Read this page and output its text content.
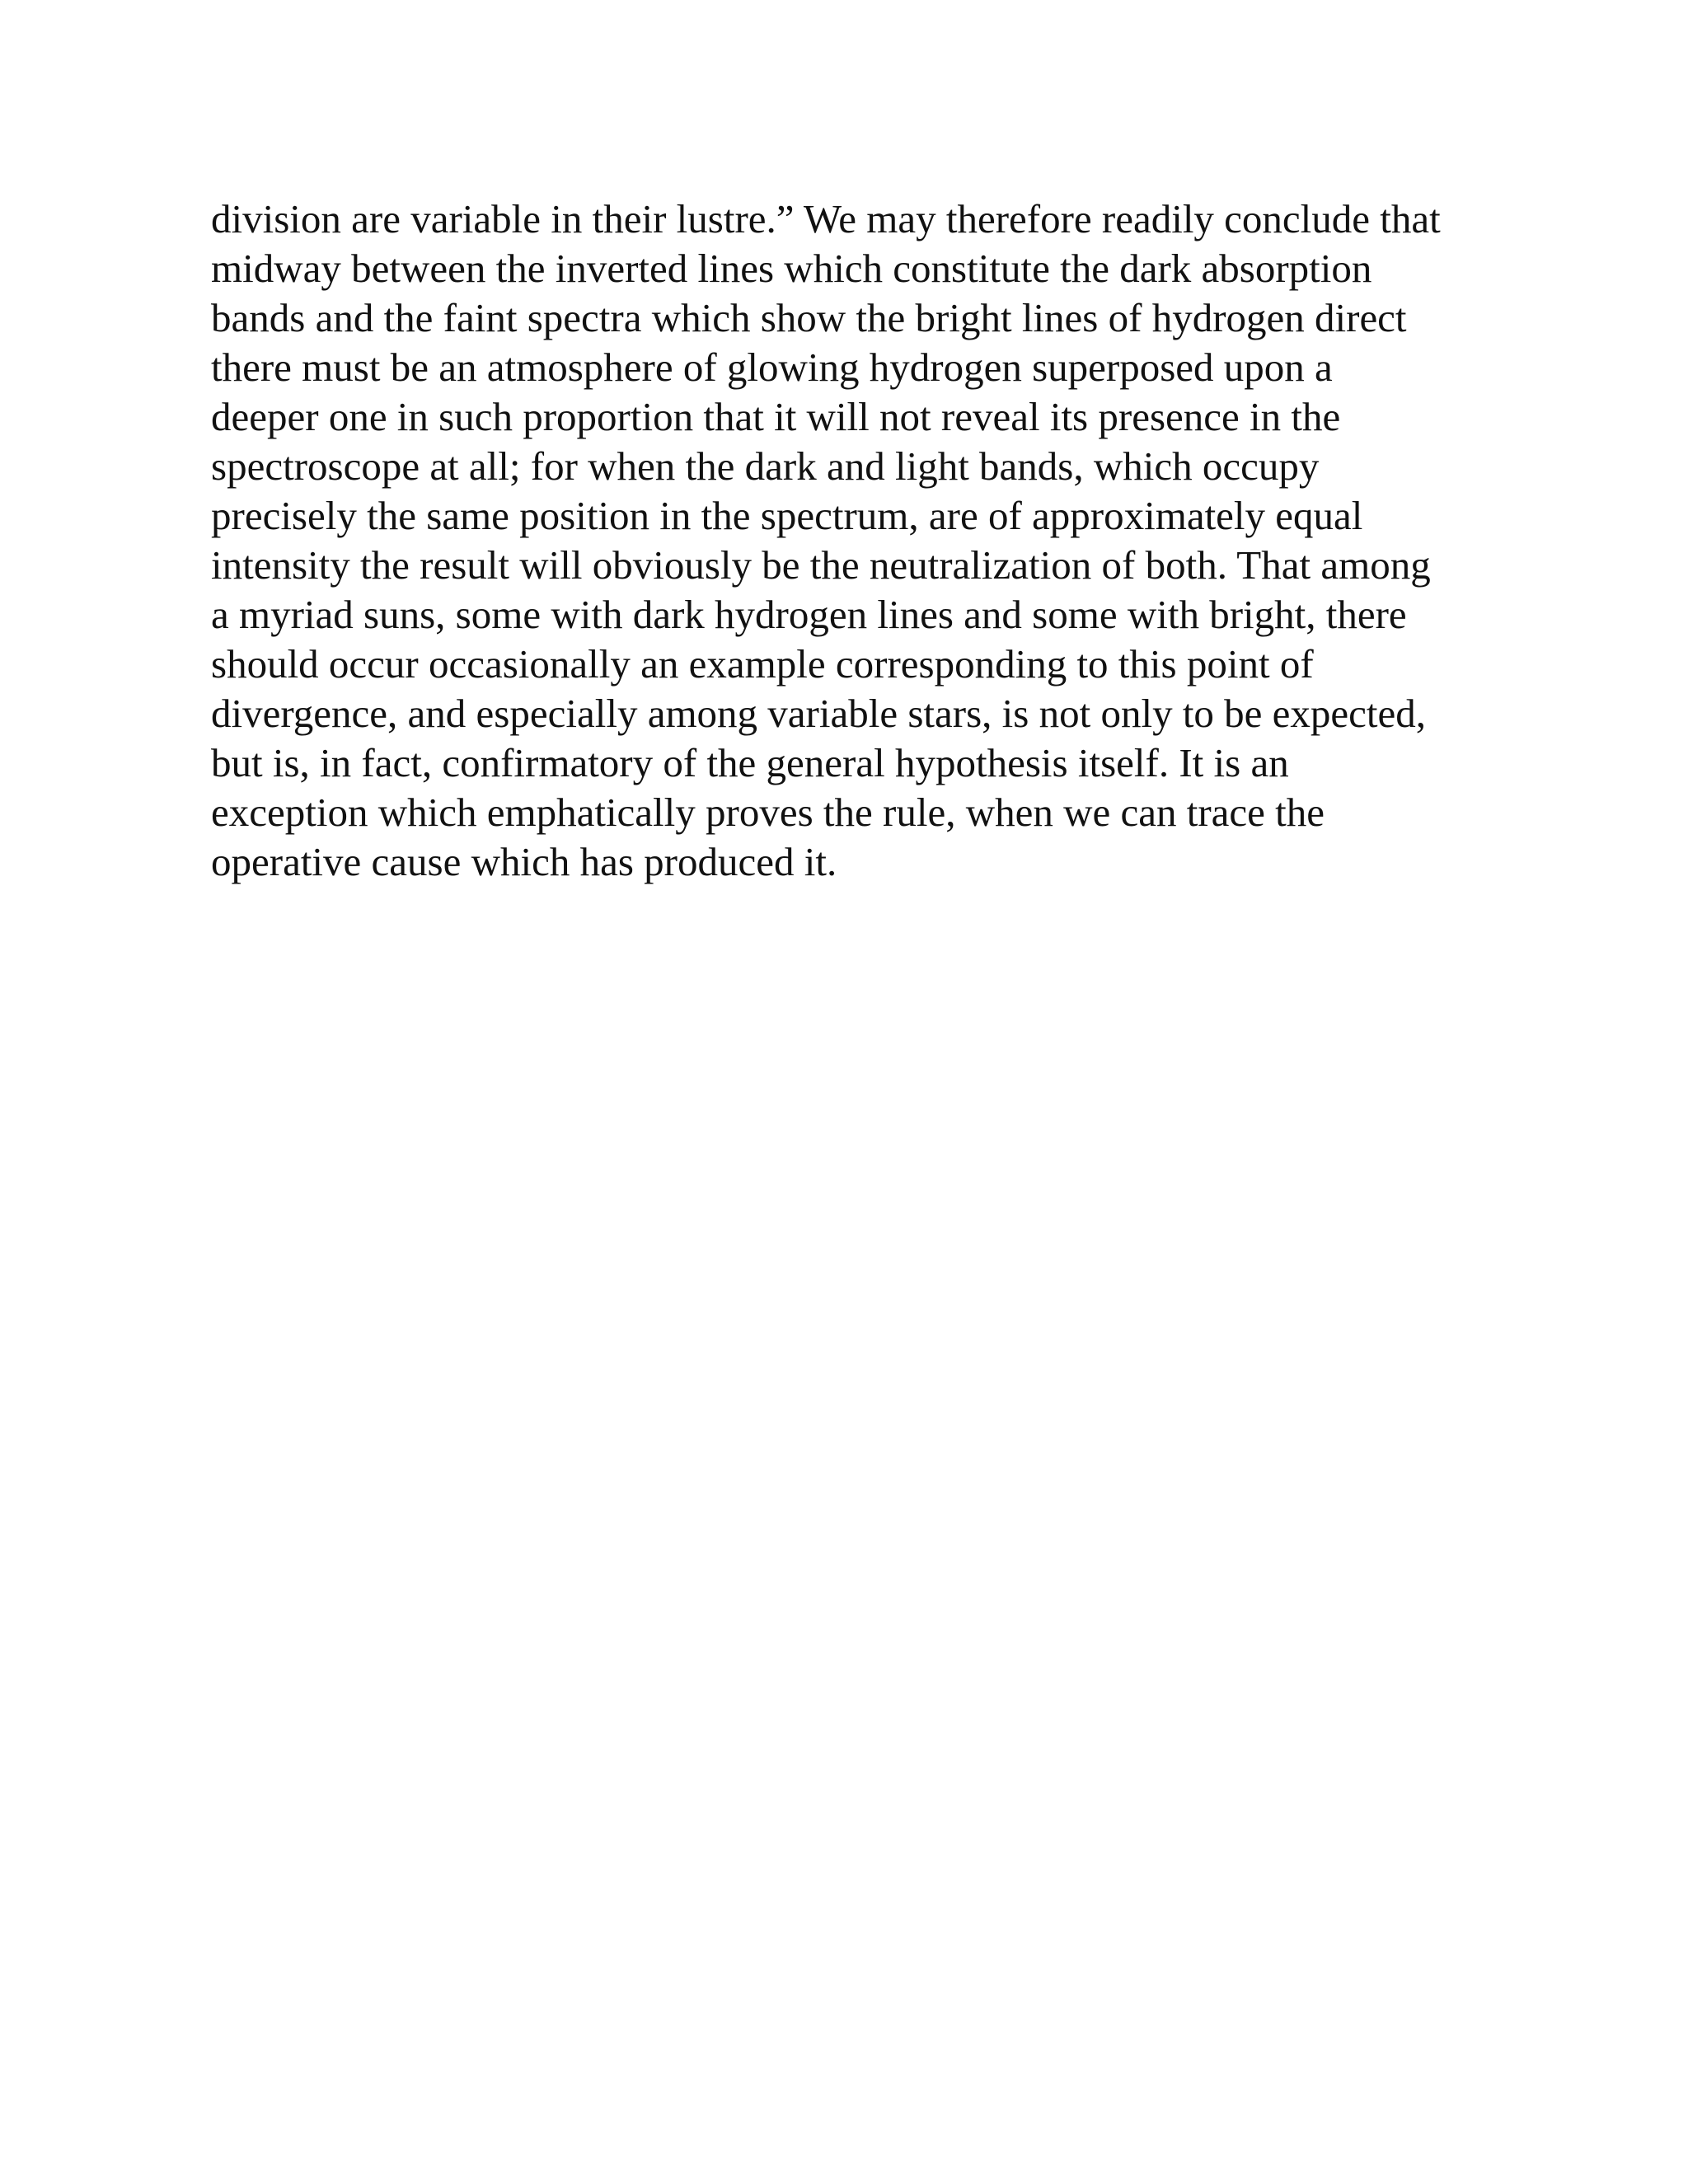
division are variable in their lustre.” We may therefore readily conclude that
midway between the inverted lines which constitute the dark absorption
bands and the faint spectra which show the bright lines of hydrogen direct
there must be an atmosphere of glowing hydrogen superposed upon a
deeper one in such proportion that it will not reveal its presence in the
spectroscope at all; for when the dark and light bands, which occupy
precisely the same position in the spectrum, are of approximately equal
intensity the result will obviously be the neutralization of both. That among
a myriad suns, some with dark hydrogen lines and some with bright, there
should occur occasionally an example corresponding to this point of
divergence, and especially among variable stars, is not only to be expected,
but is, in fact, confirmatory of the general hypothesis itself. It is an
exception which emphatically proves the rule, when we can trace the
operative cause which has produced it.
